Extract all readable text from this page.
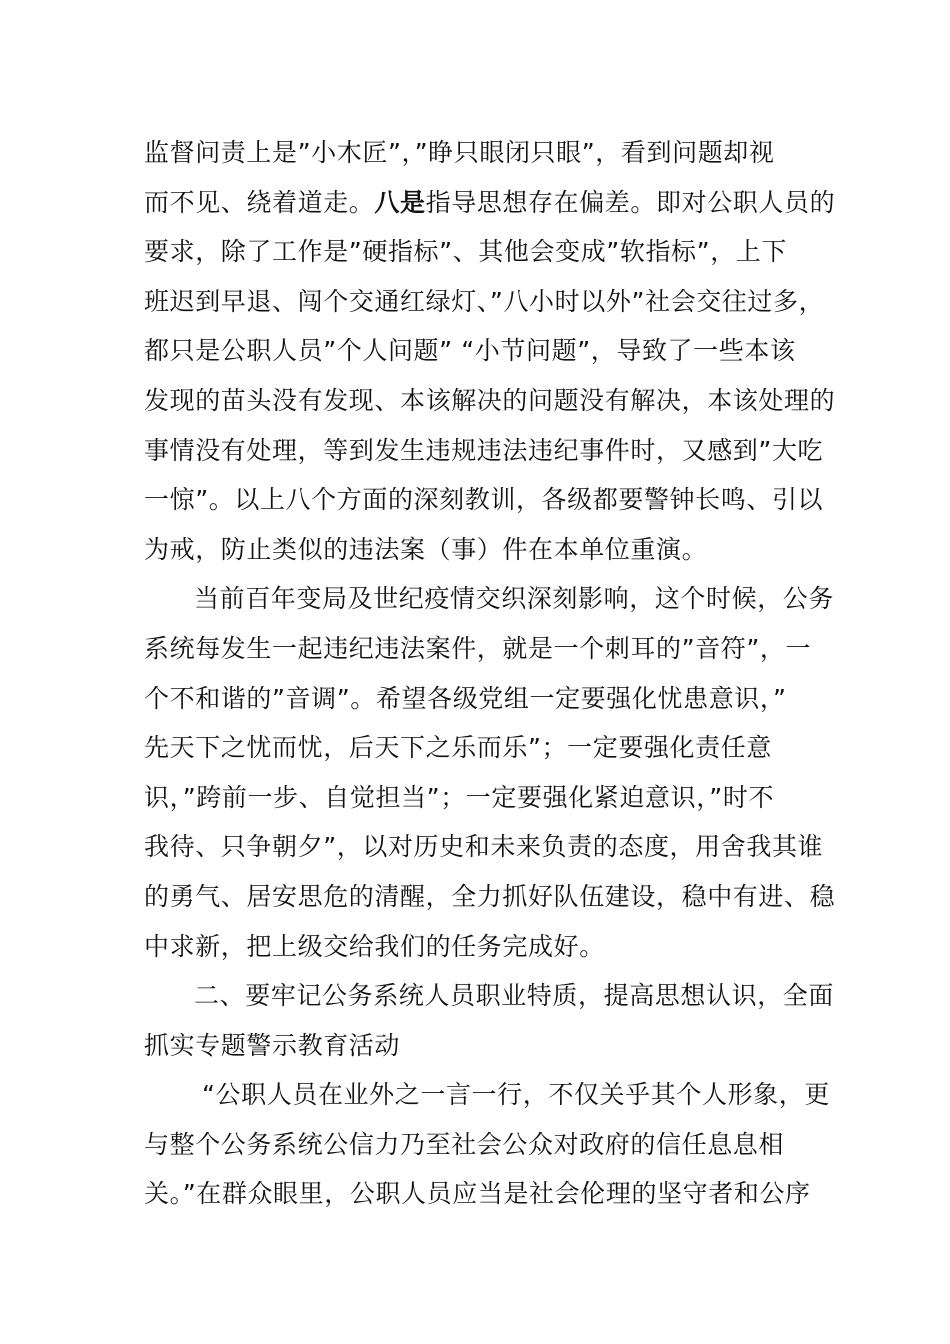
监督问责上是”小木匠”，”睁只眼闭只眼”，看到问题却视
而不见、绕着道走。八是指导思想存在偏差。即对公职人员的
要求，除了工作是”硬指标”、其他会变成”软指标”，上下
班迟到早退、闯个交通红绿灯、”八小时以外”社会交往过多，
都只是公职人员”个人问题” “小节问题”，导致了一些本该
发现的苗头没有发现、本该解决的问题没有解决，本该处理的
事情没有处理，等到发生违规违法违纪事件时，又感到”大吃
一惊”。以上八个方面的深刻教训，各级都要警钟长鸣、引以
为戒，防止类似的违法案（事）件在本单位重演。
当前百年变局及世纪疫情交织深刻影响，这个时候，公务
系统每发生一起违纪违法案件，就是一个刺耳的”音符”，一
个不和谐的”音调”。希望各级党组一定要强化忧患意识，”
先天下之忧而忧，后天下之乐而乐”；一定要强化责任意
识，”跨前一步、自觉担当”；一定要强化紧迫意识，”时不
我待、只争朝夕”，以对历史和未来负责的态度，用舍我其谁
的勇气、居安思危的清醒，全力抓好队伍建设，稳中有进、稳
中求新，把上级交给我们的任务完成好。
二、要牢记公务系统人员职业特质，提高思想认识，全面
抓实专题警示教育活动
“公职人员在业外之一言一行，不仅关乎其个人形象，更
与整个公务系统公信力乃至社会公众对政府的信任息息相
关。”在群众眼里，公职人员应当是社会伦理的坚守者和公序
